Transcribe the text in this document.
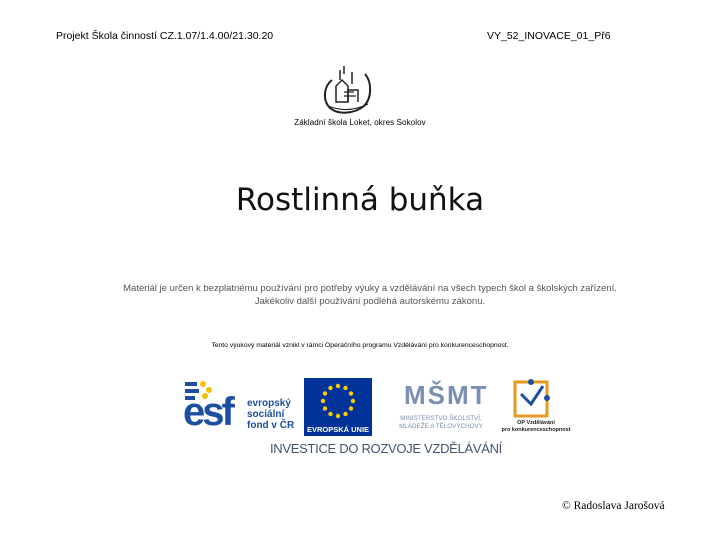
Projekt Škola činností CZ.1.07/1.4.00/21.30.20	VY_52_INOVACE_01_Př6
Základní škola Loket, okres Sokolov
Rostlinná buňka
Materiál je určen k bezplatnému používání pro potřeby výuky a vzdělávání na všech typech škol a školských zařízení.
Jakékoliv další používání podléhá autorskému zákonu.
Tento výukový materiál vznikl v rámci Operačního programu Vzdělávání pro konkurenceschopnost.
esf evropský
sociální
fond v ČR	EVROPSKÁ UNIE
MŠMT
MINISTERSTVO ŠKOLSTVÍ,
MLÁDEŽE A TĚLOVÝCHOVY	OP Vzdělávání
pro konkurenceschopnost
INVESTICE DO ROZVOJE VZDĚLÁVÁNÍ
© Radoslava Jarošová
